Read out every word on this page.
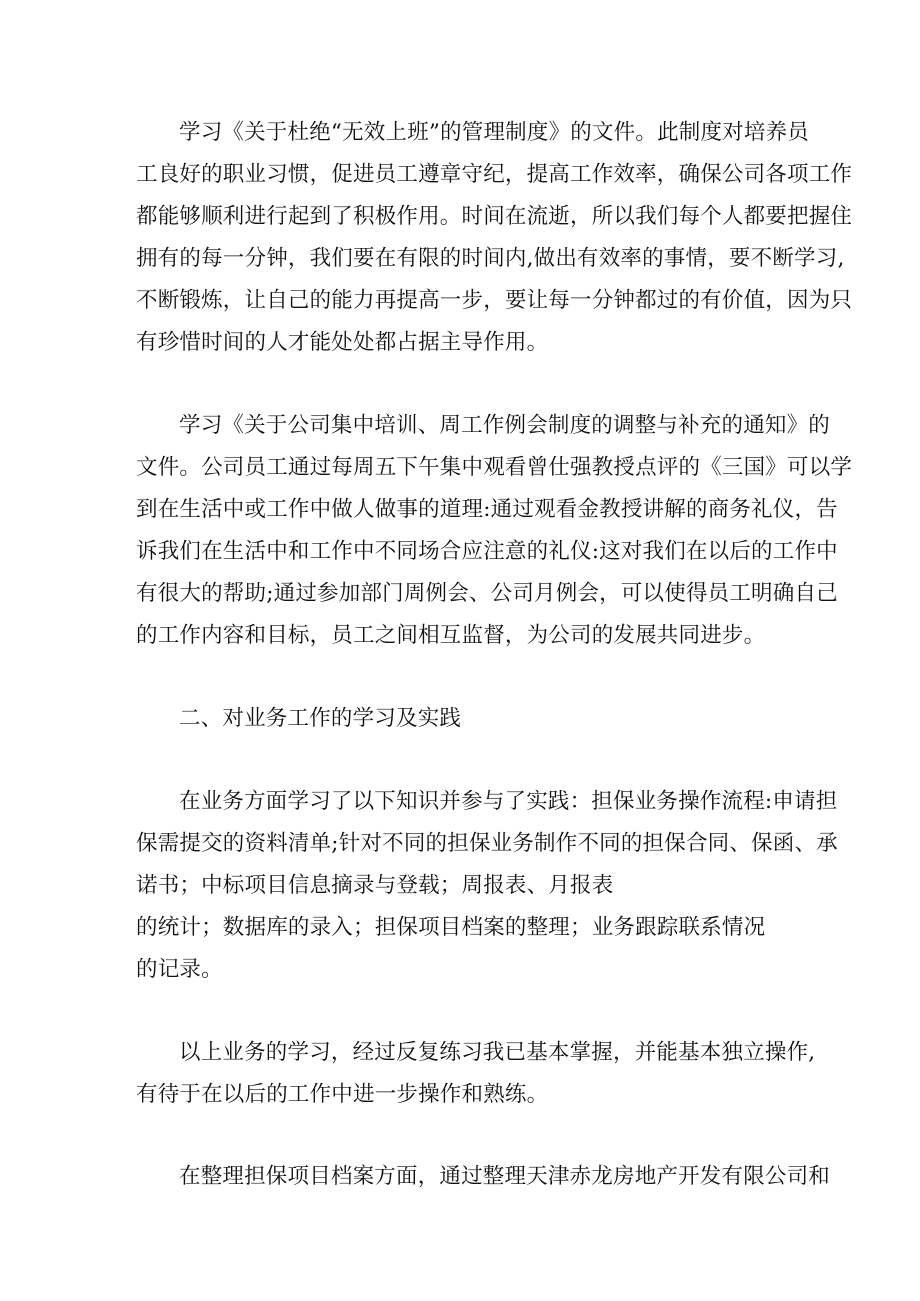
学习《关于杜绝“无效上班”的管理制度》的文件。此制度对培养员
工良好的职业习惯，促进员工遵章守纪，提高工作效率，确保公司各项工作
都能够顺利进行起到了积极作用。时间在流逝，所以我们每个人都要把握住
拥有的每一分钟，我们要在有限的时间内,做出有效率的事情，要不断学习,
不断锻炼，让自己的能力再提高一步，要让每一分钟都过的有价值，因为只
有珍惜时间的人才能处处都占据主导作用。
学习《关于公司集中培训、周工作例会制度的调整与补充的通知》的
文件。公司员工通过每周五下午集中观看曾仕强教授点评的《三国》可以学
到在生活中或工作中做人做事的道理:通过观看金教授讲解的商务礼仪，告
诉我们在生活中和工作中不同场合应注意的礼仪:这对我们在以后的工作中
有很大的帮助;通过参加部门周例会、公司月例会，可以使得员工明确自己
的工作内容和目标，员工之间相互监督，为公司的发展共同进步。
二、对业务工作的学习及实践
在业务方面学习了以下知识并参与了实践：担保业务操作流程:申请担
保需提交的资料清单;针对不同的担保业务制作不同的担保合同、保函、承
诺书；中标项目信息摘录与登载；周报表、月报表
的统计；数据库的录入；担保项目档案的整理；业务跟踪联系情况
的记录。
以上业务的学习，经过反复练习我已基本掌握，并能基本独立操作,
有待于在以后的工作中进一步操作和熟练。
在整理担保项目档案方面，通过整理天津赤龙房地产开发有限公司和
